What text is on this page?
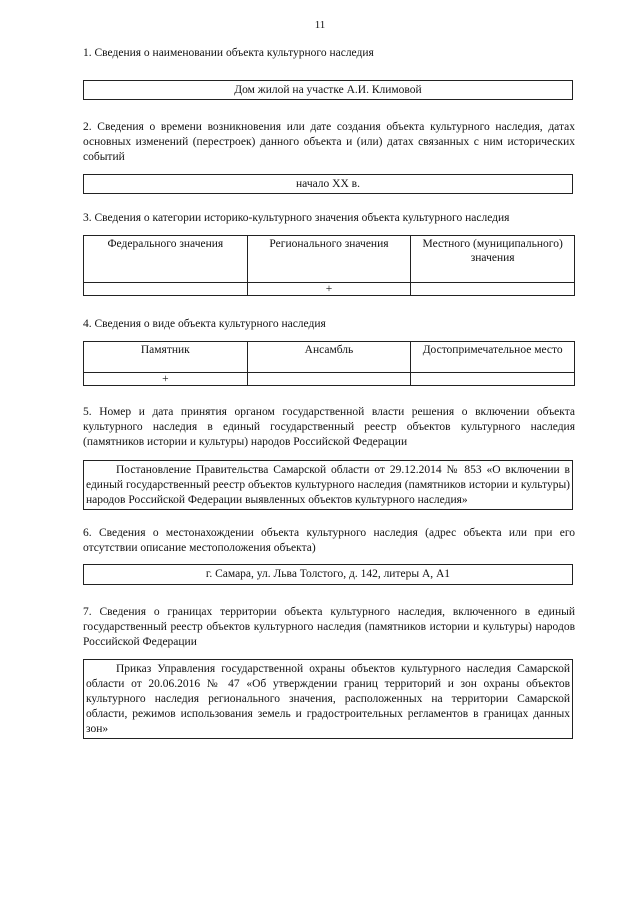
11
1. Сведения о наименовании объекта культурного наследия
Дом жилой на участке А.И. Климовой
2. Сведения о времени возникновения или дате создания объекта культурного наследия, датах основных изменений (перестроек) данного объекта и (или) датах связанных с ним исторических событий
начало XX в.
3. Сведения о категории историко-культурного значения объекта культурного наследия
Федерального значения	Регионального значения	Местного (муниципального) значения
	+	
4. Сведения о виде объекта культурного наследия
Памятник	Ансамбль	Достопримечательное место
+		
5. Номер и дата принятия органом государственной власти решения о включении объекта культурного наследия в единый государственный реестр объектов культурного наследия (памятников истории и культуры) народов Российской Федерации

Постановление Правительства Самарской области от 29.12.2014 № 853 «О включении в единый государственный реестр объектов культурного наследия (памятников истории и культуры) народов Российской Федерации выявленных объектов культурного наследия»

6. Сведения о местонахождении объекта культурного наследия (адрес объекта или при его отсутствии описание местоположения объекта)
г. Самара, ул. Льва Толстого, д. 142, литеры А, А1
7. Сведения о границах территории объекта культурного наследия, включенного в единый государственный реестр объектов культурного наследия (памятников истории и культуры) народов Российской Федерации

Приказ Управления государственной охраны объектов культурного наследия Самарской области от 20.06.2016 № 47 «Об утверждении границ территорий и зон охраны объектов культурного наследия регионального значения, расположенных на территории Самарской области, режимов использования земель и градостроительных регламентов в границах данных зон»
